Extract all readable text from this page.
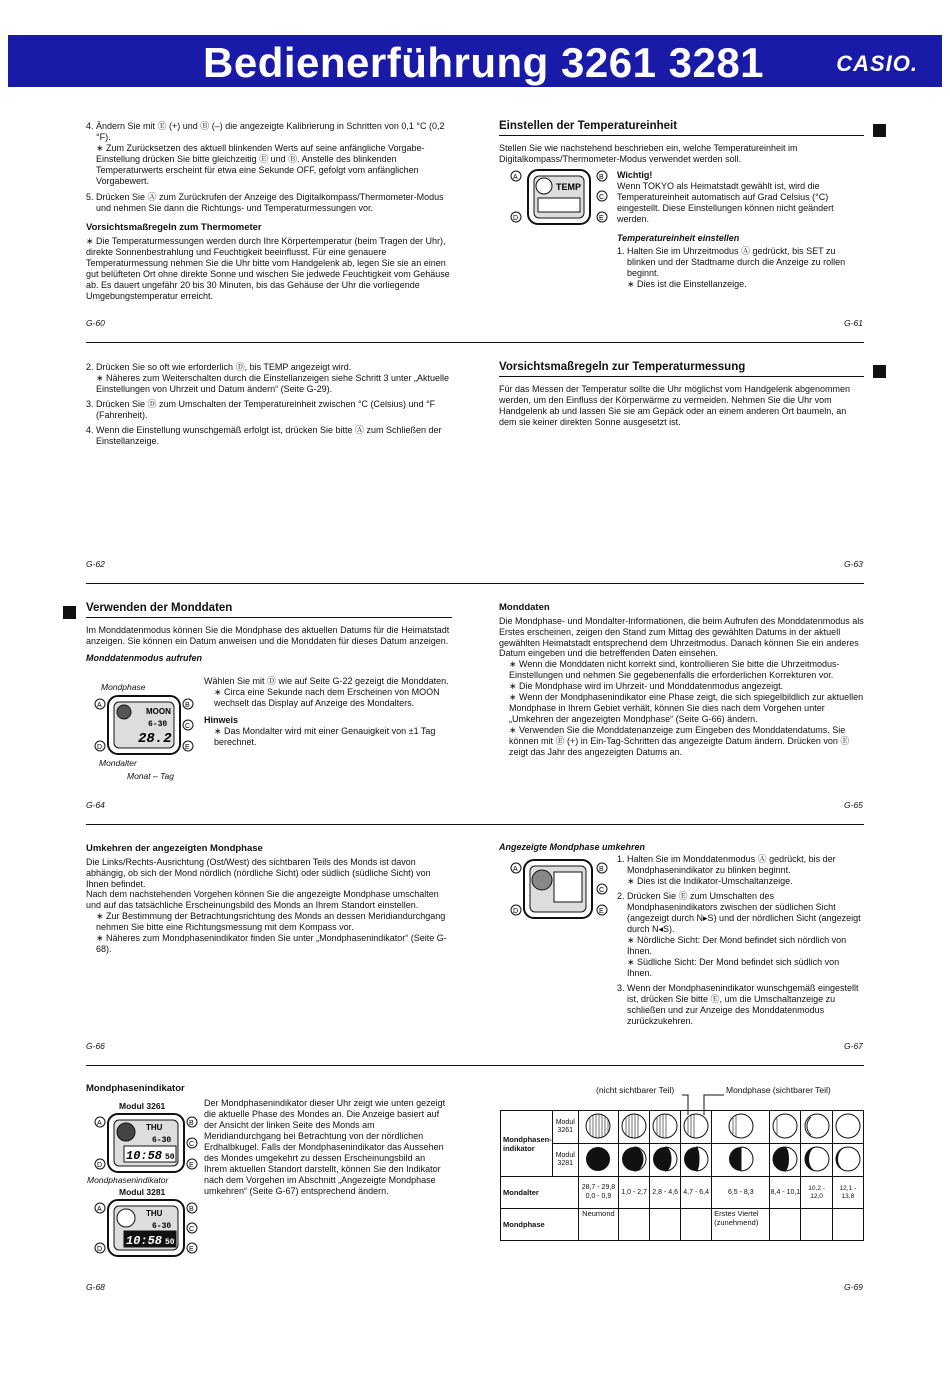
Bedienerführung 3261 3281	CASIO.

4. Ändern Sie mit Ⓔ (+) und Ⓑ (–) die angezeigte Kalibrierung in Schritten von 0,1 °C (0,2 °F).

∗ Zum Zurücksetzen des aktuell blinkenden Werts auf seine anfängliche Vorgabe-Einstellung drücken Sie bitte gleichzeitig Ⓔ und Ⓑ. Anstelle des blinkenden Temperaturwerts erscheint für etwa eine Sekunde OFF, gefolgt vom anfänglichen Vorgabewert.

5. Drücken Sie Ⓐ zum Zurückrufen der Anzeige des Digitalkompass/Thermometer-Modus und nehmen Sie dann die Richtungs- und Temperaturmessungen vor.

Vorsichtsmaßregeln zum Thermometer

∗ Die Temperaturmessungen werden durch Ihre Körpertemperatur (beim Tragen der Uhr), direkte Sonnenbestrahlung und Feuchtigkeit beeinflusst. Für eine genauere Temperaturmessung nehmen Sie die Uhr bitte vom Handgelenk ab, legen Sie sie an einen gut belüfteten Ort ohne direkte Sonne und wischen Sie jedwede Feuchtigkeit vom Gehäuse ab. Es dauert ungefähr 20 bis 30 Minuten, bis das Gehäuse der Uhr die vorliegende Umgebungstemperatur erreicht.

G-60
Einstellen der Temperatureinheit

Stellen Sie wie nachstehend beschrieben ein, welche Temperatureinheit im Digitalkompass/Thermometer-Modus verwendet werden soll.

TEMP
A
D
B
C
E

Wichtig!

Wenn TOKYO als Heimatstadt gewählt ist, wird die Temperatureinheit automatisch auf Grad Celsius (°C) eingestellt. Diese Einstellungen können nicht geändert werden.

Temperatureinheit einstellen

1. Halten Sie im Uhrzeitmodus Ⓐ gedrückt, bis SET zu blinken und der Stadtname durch die Anzeige zu rollen beginnt.

∗ Dies ist die Einstellanzeige.

G-61

2. Drücken Sie so oft wie erforderlich Ⓓ, bis TEMP angezeigt wird.

∗ Näheres zum Weiterschalten durch die Einstellanzeigen siehe Schritt 3 unter „Aktuelle Einstellungen von Uhrzeit und Datum ändern“ (Seite G-29).

3. Drücken Sie Ⓓ zum Umschalten der Temperatureinheit zwischen °C (Celsius) und °F (Fahrenheit).

4. Wenn die Einstellung wunschgemäß erfolgt ist, drücken Sie bitte Ⓐ zum Schließen der Einstellanzeige.

G-62
Vorsichtsmaßregeln zur Temperaturmessung

Für das Messen der Temperatur sollte die Uhr möglichst vom Handgelenk abgenommen werden, um den Einfluss der Körperwärme zu vermeiden. Nehmen Sie die Uhr vom Handgelenk ab und lassen Sie sie am Gepäck oder an einem anderen Ort baumeln, an dem sie keiner direkten Sonne ausgesetzt ist.

G-63
Verwenden der Monddaten

Im Monddatenmodus können Sie die Mondphase des aktuellen Datums für die Heimatstadt anzeigen. Sie können ein Datum anweisen und die Monddaten für dieses Datum anzeigen.

Monddatenmodus aufrufen

Mondphase
MOON
6-30
28.2
A
D
B
C
E
Mondalter
Monat – Tag

Wählen Sie mit Ⓓ wie auf Seite G-22 gezeigt die Monddaten.

∗ Circa eine Sekunde nach dem Erscheinen von MOON wechselt das Display auf Anzeige des Mondalters.

Hinweis

∗ Das Mondalter wird mit einer Genauigkeit von ±1 Tag berechnet.

G-64

Monddaten

Die Mondphase- und Mondalter-Informationen, die beim Aufrufen des Monddatenmodus als Erstes erscheinen, zeigen den Stand zum Mittag des gewählten Datums in der aktuell gewählten Heimatstadt entsprechend dem Uhrzeitmodus. Danach können Sie ein anderes Datum eingeben und die betreffenden Daten einsehen.

∗ Wenn die Monddaten nicht korrekt sind, kontrollieren Sie bitte die Uhrzeitmodus-Einstellungen und nehmen Sie gegebenenfalls die erforderlichen Korrekturen vor.

∗ Die Mondphase wird im Uhrzeit- und Monddatenmodus angezeigt.

∗ Wenn der Mondphasenindikator eine Phase zeigt, die sich spiegelbildlich zur aktuellen Mondphase in Ihrem Gebiet verhält, können Sie dies nach dem Vorgehen unter „Umkehren der angezeigten Mondphase“ (Seite G-66) ändern.

∗ Verwenden Sie die Monddatenanzeige zum Eingeben des Monddatendatums. Sie können mit Ⓔ (+) in Ein-Tag-Schritten das angezeigte Datum ändern. Drücken von Ⓔ zeigt das Jahr des angezeigten Datums an.

G-65

Umkehren der angezeigten Mondphase

Die Links/Rechts-Ausrichtung (Ost/West) des sichtbaren Teils des Monds ist davon abhängig, ob sich der Mond nördlich (nördliche Sicht) oder südlich (südliche Sicht) von Ihnen befindet.
Nach dem nachstehenden Vorgehen können Sie die angezeigte Mondphase umschalten und auf das tatsächliche Erscheinungsbild des Monds an Ihrem Standort einstellen.

∗ Zur Bestimmung der Betrachtungsrichtung des Monds an dessen Meridiandurchgang nehmen Sie bitte eine Richtungsmessung mit dem Kompass vor.

∗ Näheres zum Mondphasenindikator finden Sie unter „Mondphasenindikator“ (Seite G-68).

G-66
Angezeigte Mondphase umkehren
A
D
B
C
E

1. Halten Sie im Monddatenmodus Ⓐ gedrückt, bis der Mondphasenindikator zu blinken beginnt.

∗ Dies ist die Indikator-Umschaltanzeige.

2. Drücken Sie Ⓔ zum Umschalten des Mondphasenindikators zwischen der südlichen Sicht (angezeigt durch N▸S) und der nördlichen Sicht (angezeigt durch N◂S).

∗ Nördliche Sicht: Der Mond befindet sich nördlich von Ihnen.

∗ Südliche Sicht: Der Mond befindet sich südlich von Ihnen.

3. Wenn der Mondphasenindikator wunschgemäß eingestellt ist, drücken Sie bitte Ⓔ, um die Umschaltanzeige zu schließen und zur Anzeige des Monddatenmodus zurückzukehren.

G-67
Mondphasenindikator
Modul 3261
THU
6-30
10:58 50
A
D
B
C
E
Mondphasenindikator
Modul 3281
THU
6-30
10:58 50
A
D
B
C
E

Der Mondphasenindikator dieser Uhr zeigt wie unten gezeigt die aktuelle Phase des Mondes an. Die Anzeige basiert auf der Ansicht der linken Seite des Monds am Meridiandurchgang bei Betrachtung von der nördlichen Erdhalbkugel. Falls der Mondphasenindikator das Aussehen des Mondes umgekehrt zu dessen Erscheinungsbild an Ihrem aktuellen Standort darstellt, können Sie den Indikator nach dem Vorgehen im Abschnitt „Angezeigte Mondphase umkehren“ (Seite G-67) entsprechend ändern.

G-68
(nicht sichtbarer Teil)	Mondphase (sichtbarer Teil)
Mondphasen-indikator	Modul 3261								
	Modul 3281								
Mondalter		28,7 - 29,8 0,0 - 0,9	1,0 - 2,7	2,8 - 4,6	4,7 - 6,4	6,5 - 8,3	8,4 - 10,1	10,2 - 12,0	12,1 - 13,8
Mondphase		Neumond				Erstes Viertel (zunehmend)			
G-69
